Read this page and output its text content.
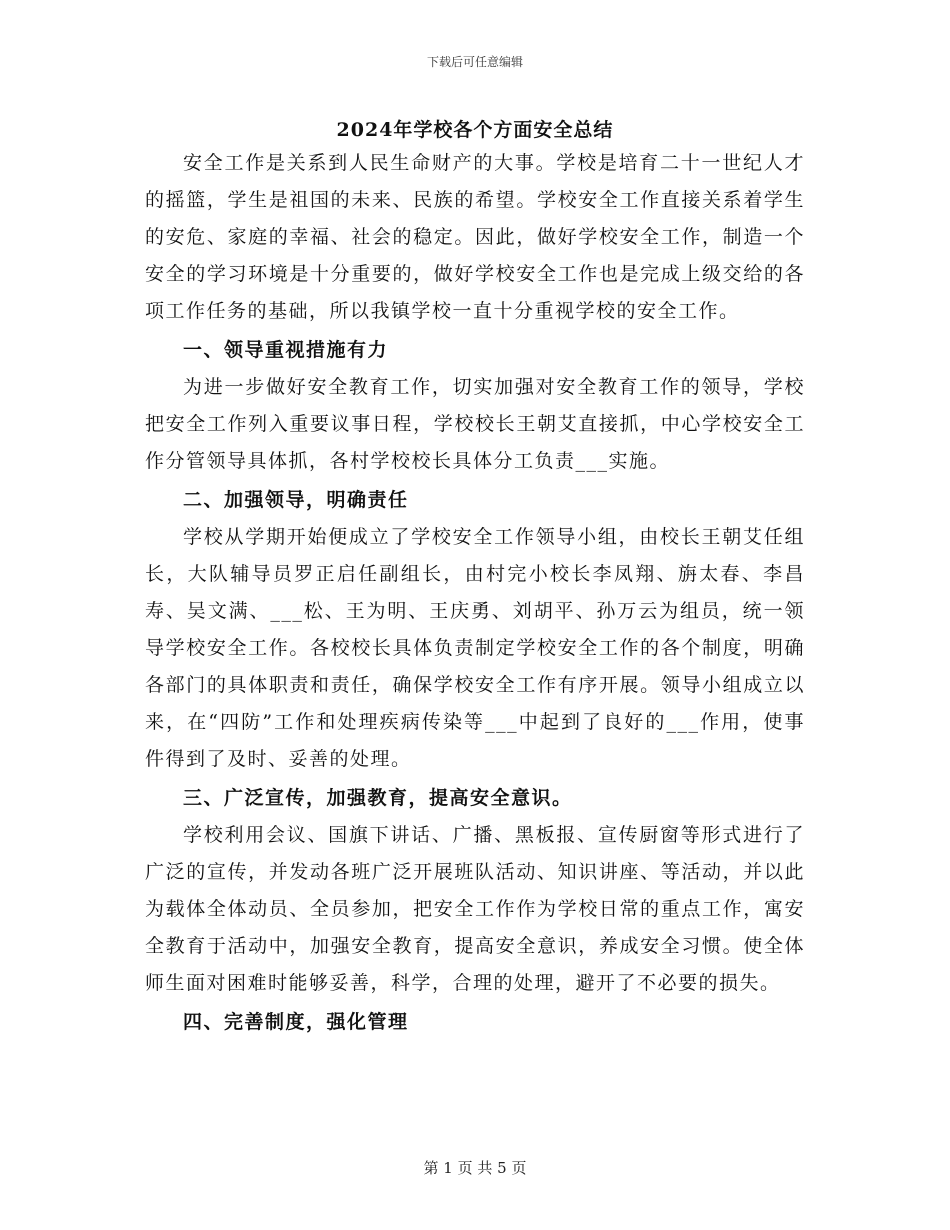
下载后可任意编辑
2024年学校各个方面安全总结

安全工作是关系到人民生命财产的大事。学校是培育二十一世纪人才的摇篮，学生是祖国的未来、民族的希望。学校安全工作直接关系着学生的安危、家庭的幸福、社会的稳定。因此，做好学校安全工作，制造一个安全的学习环境是十分重要的，做好学校安全工作也是完成上级交给的各项工作任务的基础，所以我镇学校一直十分重视学校的安全工作。

一、领导重视措施有力

为进一步做好安全教育工作，切实加强对安全教育工作的领导，学校把安全工作列入重要议事日程，学校校长王朝艾直接抓，中心学校安全工作分管领导具体抓，各村学校校长具体分工负责___实施。

二、加强领导，明确责任

学校从学期开始便成立了学校安全工作领导小组，由校长王朝艾任组长，大队辅导员罗正启任副组长，由村完小校长李凤翔、旃太春、李昌寿、吴文满、___松、王为明、王庆勇、刘胡平、孙万云为组员，统一领导学校安全工作。各校校长具体负责制定学校安全工作的各个制度，明确各部门的具体职责和责任，确保学校安全工作有序开展。领导小组成立以来，在“四防”工作和处理疾病传染等___中起到了良好的___作用，使事件得到了及时、妥善的处理。

三、广泛宣传，加强教育，提高安全意识。

学校利用会议、国旗下讲话、广播、黑板报、宣传厨窗等形式进行了广泛的宣传，并发动各班广泛开展班队活动、知识讲座、等活动，并以此为载体全体动员、全员参加，把安全工作作为学校日常的重点工作，寓安全教育于活动中，加强安全教育，提高安全意识，养成安全习惯。使全体师生面对困难时能够妥善，科学，合理的处理，避开了不必要的损失。

四、完善制度，强化管理
第 1 页 共 5 页
